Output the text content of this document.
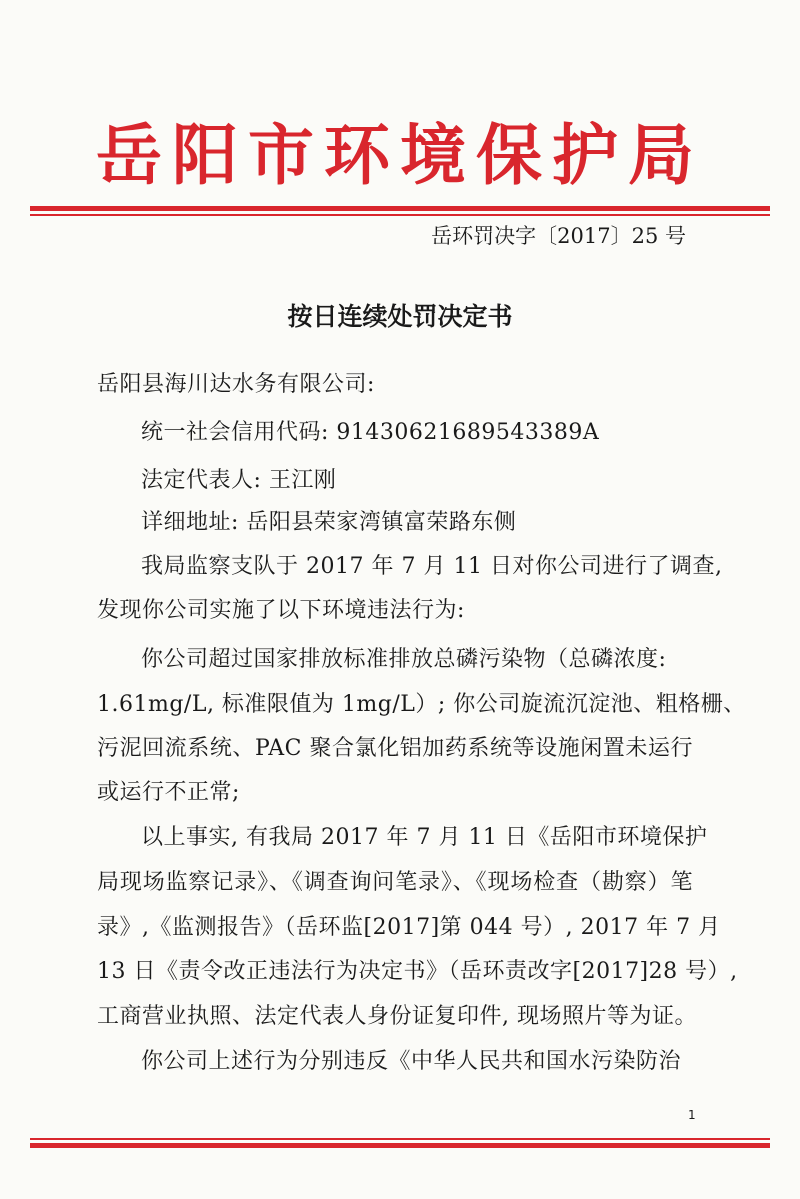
岳阳市环境保护局
岳环罚决字〔2017〕25 号
按日连续处罚决定书
岳阳县海川达水务有限公司:
统一社会信用代码: 91430621689543389A
法定代表人: 王江刚
详细地址: 岳阳县荣家湾镇富荣路东侧
我局监察支队于 2017 年 7 月 11 日对你公司进行了调查,
发现你公司实施了以下环境违法行为:
你公司超过国家排放标准排放总磷污染物（总磷浓度:
1.61mg/L, 标准限值为 1mg/L）; 你公司旋流沉淀池、粗格栅、
污泥回流系统、PAC 聚合氯化铝加药系统等设施闲置未运行
或运行不正常;
以上事实, 有我局 2017 年 7 月 11 日《岳阳市环境保护
局现场监察记录》、《调查询问笔录》、《现场检查（勘察）笔
录》,《监测报告》（岳环监[2017]第 044 号）, 2017 年 7 月
13 日《责令改正违法行为决定书》（岳环责改字[2017]28 号）,
工商营业执照、法定代表人身份证复印件, 现场照片等为证。
你公司上述行为分别违反《中华人民共和国水污染防治
1
